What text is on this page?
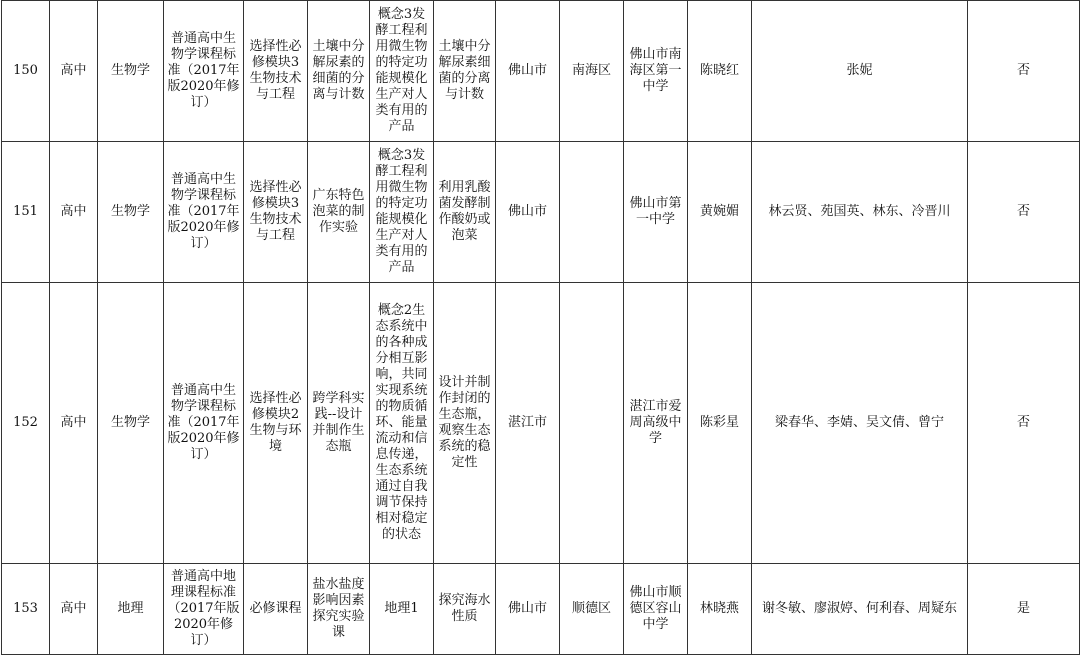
150	高中	生物学	普通高中生物学课程标准（2017年版2020年修订）	选择性必修模块3生物技术与工程	土壤中分解尿素的细菌的分离与计数	概念3发酵工程利用微生物的特定功能规模化生产对人类有用的产品	土壤中分解尿素细菌的分离与计数	佛山市	南海区	佛山市南海区第一中学	陈晓红	张妮	否
151	高中	生物学	普通高中生物学课程标准（2017年版2020年修订）	选择性必修模块3生物技术与工程	广东特色泡菜的制作实验	概念3发酵工程利用微生物的特定功能规模化生产对人类有用的产品	利用乳酸菌发酵制作酸奶或泡菜	佛山市		佛山市第一中学	黄婉媚	林云贤、苑国英、林东、冷晋川	否
152	高中	生物学	普通高中生物学课程标准（2017年版2020年修订）	选择性必修模块2生物与环境	跨学科实践--设计并制作生态瓶	概念2生态系统中的各种成分相互影响，共同实现系统的物质循环、能量流动和信息传递，生态系统通过自我调节保持相对稳定的状态	设计并制作封闭的生态瓶，观察生态系统的稳定性	湛江市		湛江市爱周高级中学	陈彩星	梁春华、李婧、吴文倩、曾宁	否
153	高中	地理	普通高中地理课程标准（2017年版2020年修订）	必修课程	盐水盐度影响因素探究实验课	地理1	探究海水性质	佛山市	顺德区	佛山市顺德区容山中学	林晓燕	谢冬敏、廖淑婷、何利春、周疑东	是
